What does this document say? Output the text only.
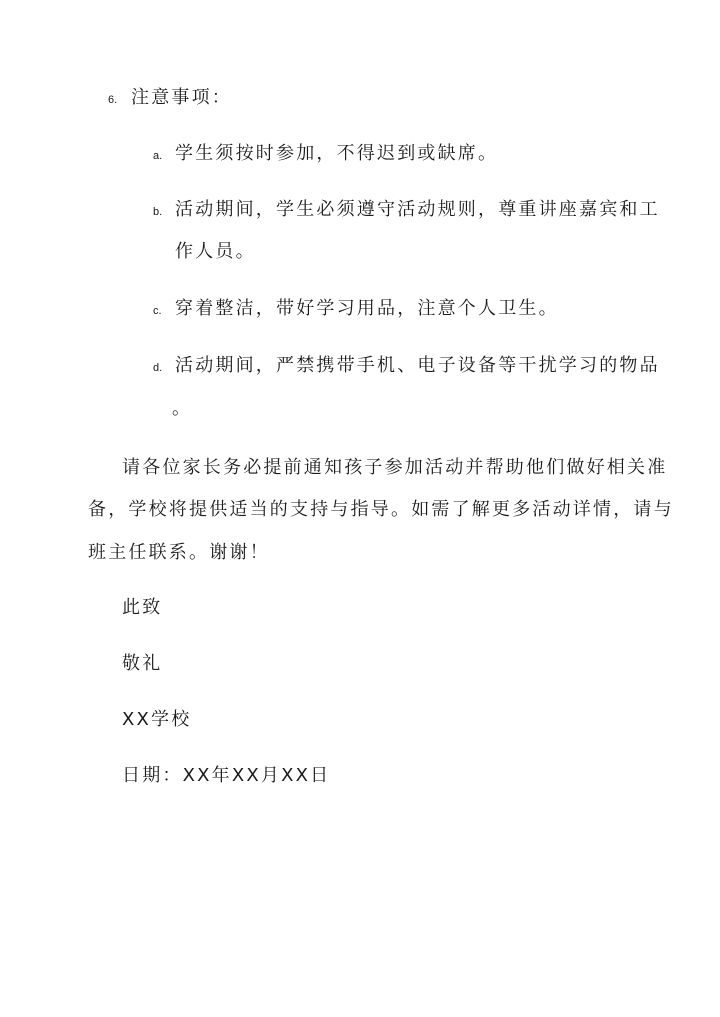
6. 注意事项：
a. 学生须按时参加，不得迟到或缺席。
b. 活动期间，学生必须遵守活动规则，尊重讲座嘉宾和工
作人员。
c. 穿着整洁，带好学习用品，注意个人卫生。
d. 活动期间，严禁携带手机、电子设备等干扰学习的物品
。
请各位家长务必提前通知孩子参加活动并帮助他们做好相关准
备，学校将提供适当的支持与指导。如需了解更多活动详情，请与
班主任联系。谢谢！
此致
敬礼
XX学校
日期：XX年XX月XX日
